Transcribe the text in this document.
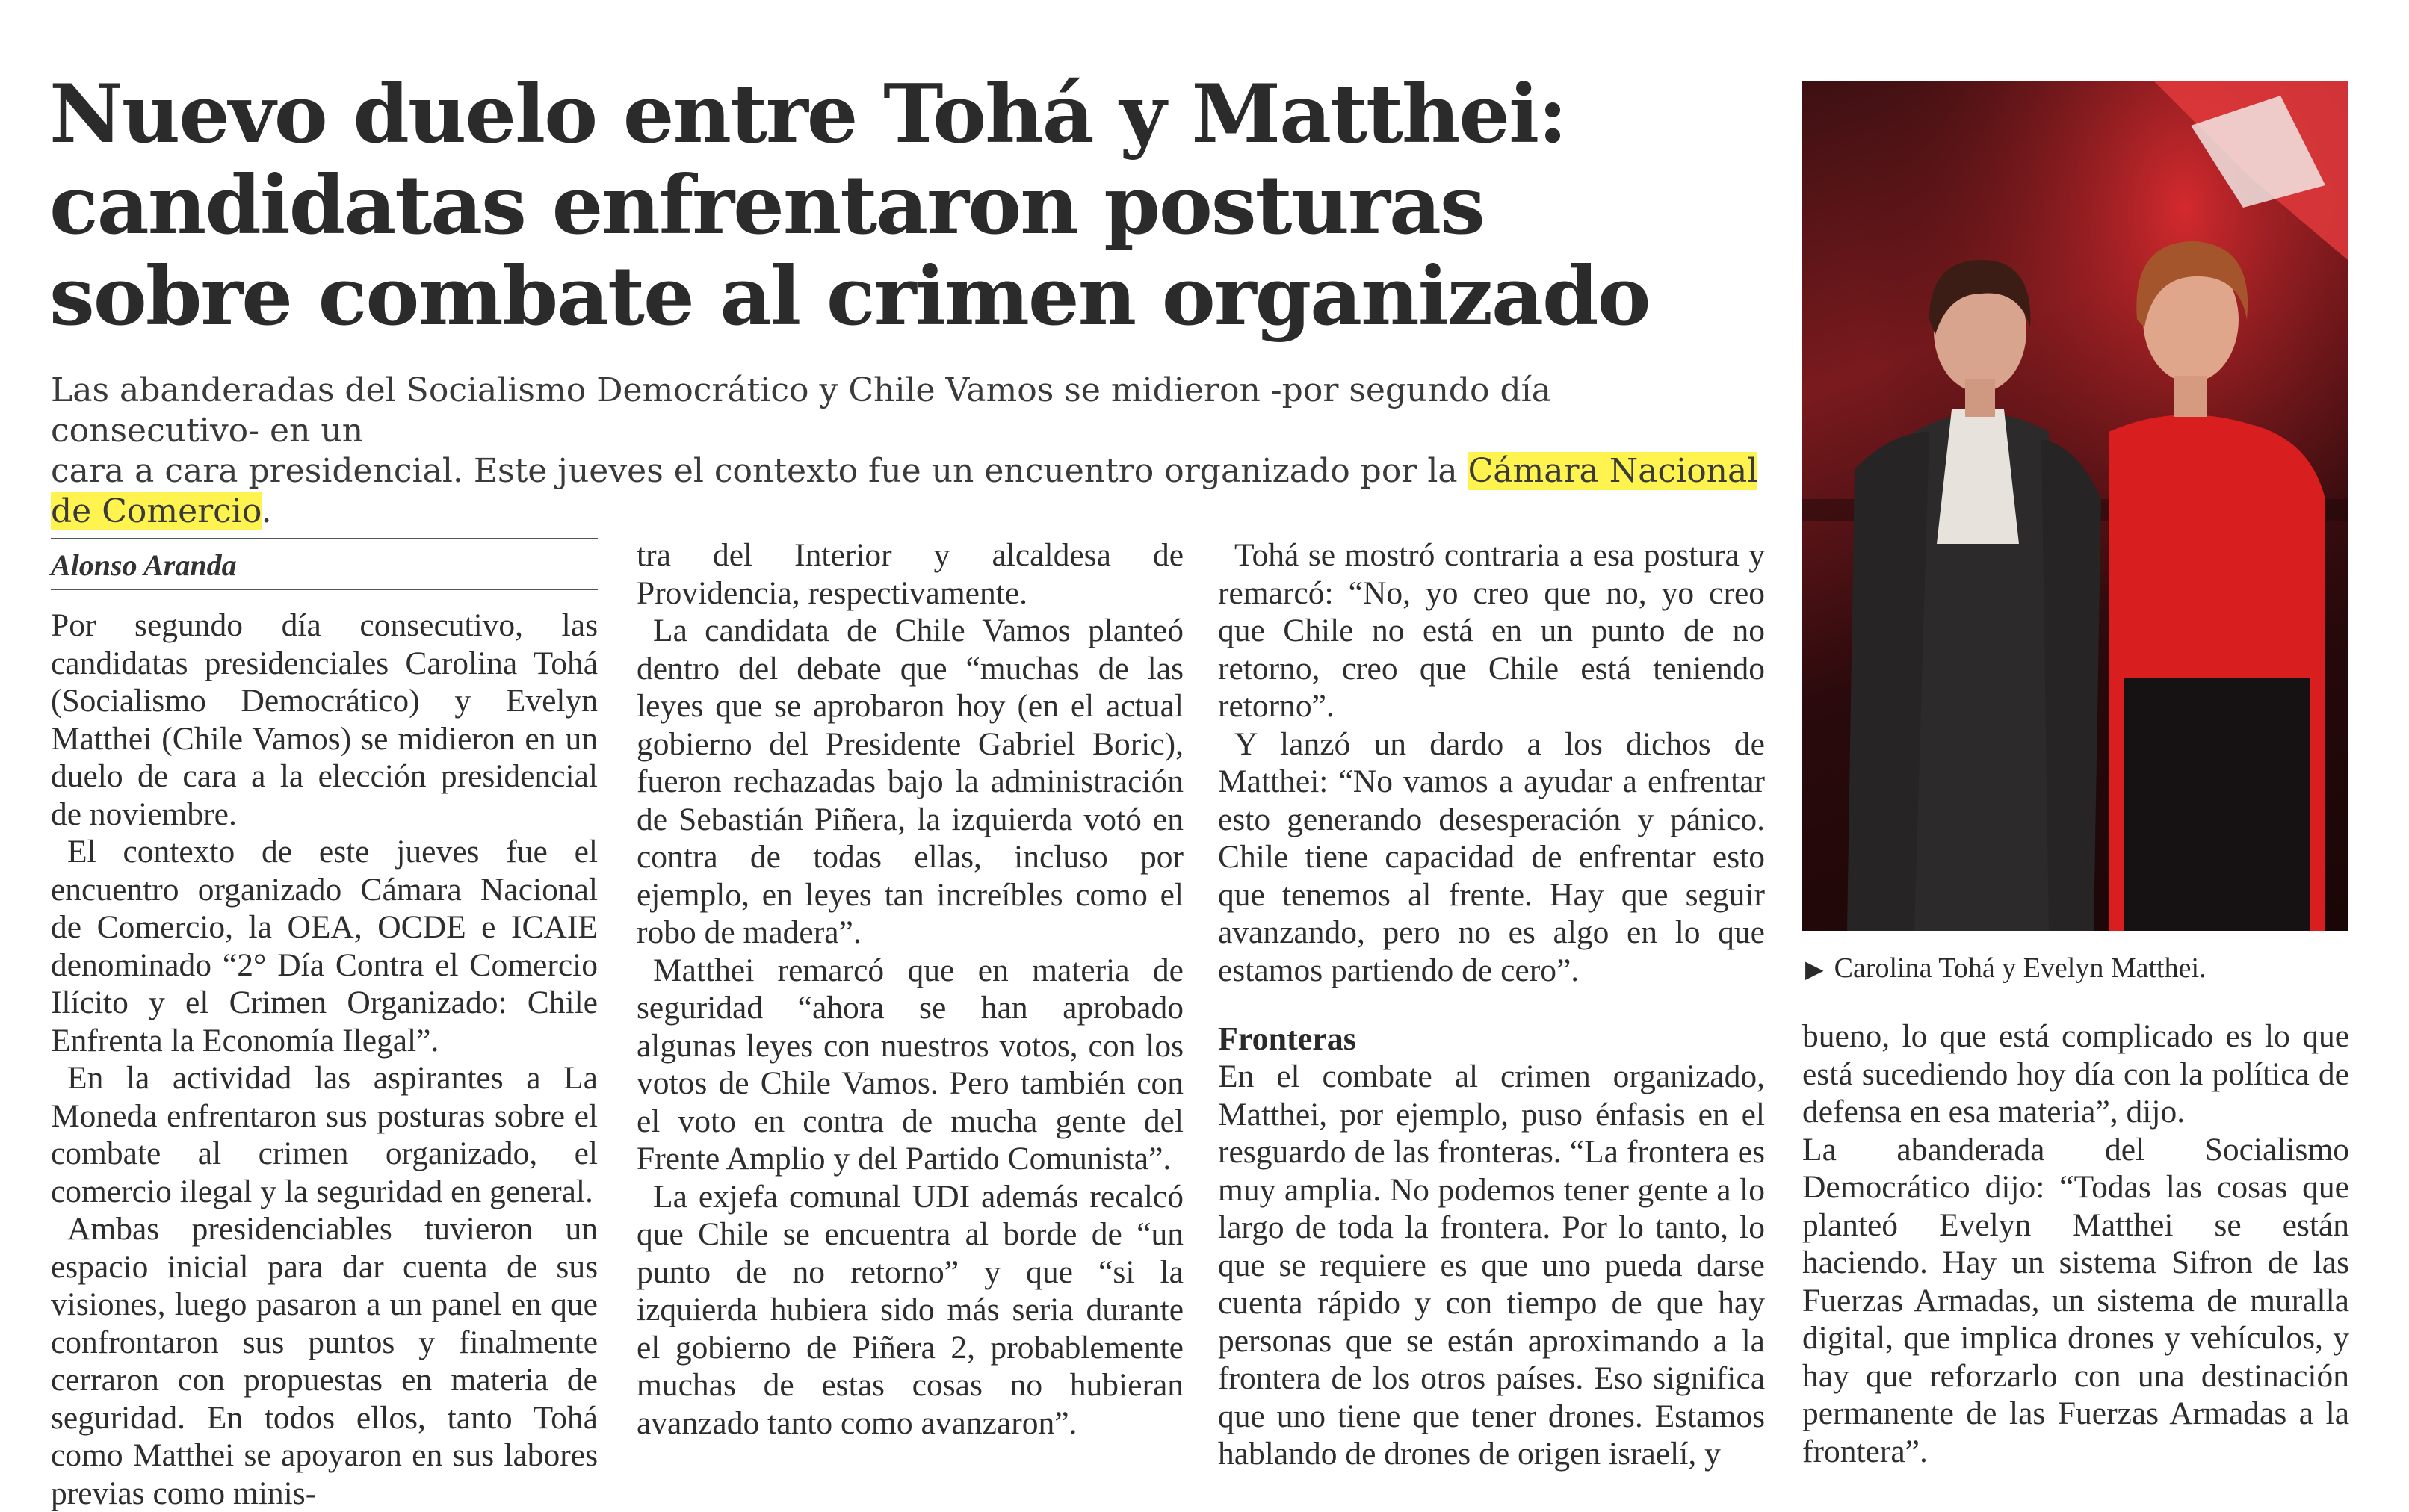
Nuevo duelo entre Tohá y Matthei:
candidatas enfrentaron posturas
sobre combate al crimen organizado

Las abanderadas del Socialismo Democrático y Chile Vamos se midieron -por segundo día consecutivo- en un
cara a cara presidencial. Este jueves el contexto fue un encuentro organizado por la Cámara Nacional de Comercio.

Alonso Aranda

Por segundo día consecutivo, las candidatas presidenciales Carolina Tohá (Socialismo Democrático) y Evelyn Matthei (Chile Vamos) se midieron en un duelo de cara a la elección presidencial de noviembre.

El contexto de este jueves fue el encuentro organizado Cámara Nacional de Comercio, la OEA, OCDE e ICAIE denominado “2° Día Contra el Comercio Ilícito y el Crimen Organizado: Chile Enfrenta la Economía Ilegal”.

En la actividad las aspirantes a La Moneda enfrentaron sus posturas sobre el combate al crimen organizado, el comercio ilegal y la seguridad en general.

Ambas presidenciables tuvieron un espacio inicial para dar cuenta de sus visiones, luego pasaron a un panel en que confrontaron sus puntos y finalmente cerraron con propuestas en materia de seguridad. En todos ellos, tanto Tohá como Matthei se apoyaron en sus labores previas como minis-

tra del Interior y alcaldesa de Providencia, respectivamente.

La candidata de Chile Vamos planteó dentro del debate que “muchas de las leyes que se aprobaron hoy (en el actual gobierno del Presidente Gabriel Boric), fueron rechazadas bajo la administración de Sebastián Piñera, la izquierda votó en contra de todas ellas, incluso por ejemplo, en leyes tan increíbles como el robo de madera”.

Matthei remarcó que en materia de seguridad “ahora se han aprobado algunas leyes con nuestros votos, con los votos de Chile Vamos. Pero también con el voto en contra de mucha gente del Frente Amplio y del Partido Comunista”.

La exjefa comunal UDI además recalcó que Chile se encuentra al borde de “un punto de no retorno” y que “si la izquierda hubiera sido más seria durante el gobierno de Piñera 2, probablemente muchas de estas cosas no hubieran avanzado tanto como avanzaron”.

Tohá se mostró contraria a esa postura y remarcó: “No, yo creo que no, yo creo que Chile no está en un punto de no retorno, creo que Chile está teniendo retorno”.

Y lanzó un dardo a los dichos de Matthei: “No vamos a ayudar a enfrentar esto generando desesperación y pánico. Chile tiene capacidad de enfrentar esto que tenemos al frente. Hay que seguir avanzando, pero no es algo en lo que estamos partiendo de cero”.

Fronteras

En el combate al crimen organizado, Matthei, por ejemplo, puso énfasis en el resguardo de las fronteras. “La frontera es muy amplia. No podemos tener gente a lo largo de toda la frontera. Por lo tanto, lo que se requiere es que uno pueda darse cuenta rápido y con tiempo de que hay personas que se están aproximando a la frontera de los otros países. Eso significa que uno tiene que tener drones. Estamos hablando de drones de origen israelí, y

▶ Carolina Tohá y Evelyn Matthei.

bueno, lo que está complicado es lo que está sucediendo hoy día con la política de defensa en esa materia”, dijo.

La abanderada del Socialismo Democrático dijo: “Todas las cosas que planteó Evelyn Matthei se están haciendo. Hay un sistema Sifron de las Fuerzas Armadas, un sistema de muralla digital, que implica drones y vehículos, y hay que reforzarlo con una destinación permanente de las Fuerzas Armadas a la frontera”.
